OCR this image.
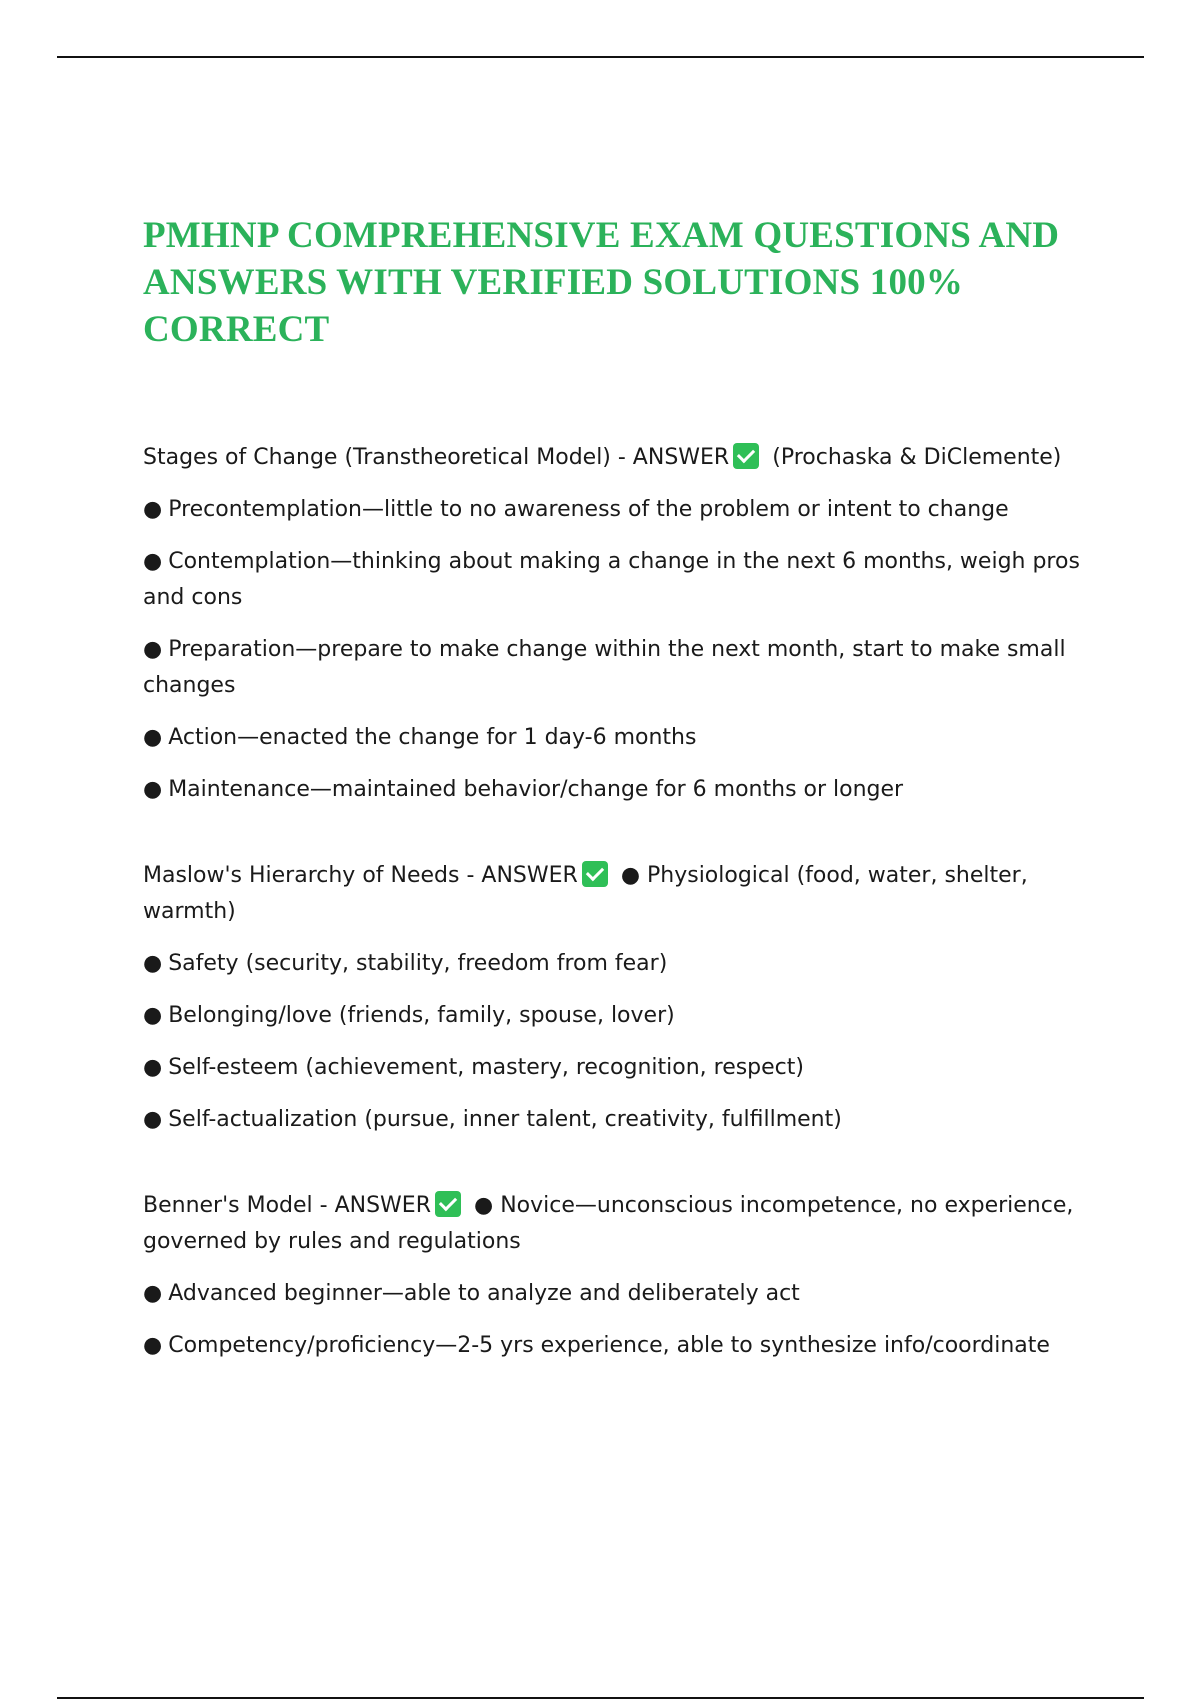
PMHNP COMPREHENSIVE EXAM QUESTIONS AND ANSWERS WITH VERIFIED SOLUTIONS 100% CORRECT

Stages of Change (Transtheoretical Model) - ANSWER (Prochaska & DiClemente)

● Precontemplation—little to no awareness of the problem or intent to change

● Contemplation—thinking about making a change in the next 6 months, weigh pros and cons

● Preparation—prepare to make change within the next month, start to make small changes

● Action—enacted the change for 1 day-6 months

● Maintenance—maintained behavior/change for 6 months or longer

Maslow's Hierarchy of Needs - ANSWER ● Physiological (food, water, shelter, warmth)

● Safety (security, stability, freedom from fear)

● Belonging/love (friends, family, spouse, lover)

● Self-esteem (achievement, mastery, recognition, respect)

● Self-actualization (pursue, inner talent, creativity, fulfillment)

Benner's Model - ANSWER ● Novice—unconscious incompetence, no experience, governed by rules and regulations

● Advanced beginner—able to analyze and deliberately act

● Competency/proficiency—2-5 yrs experience, able to synthesize info/coordinate
